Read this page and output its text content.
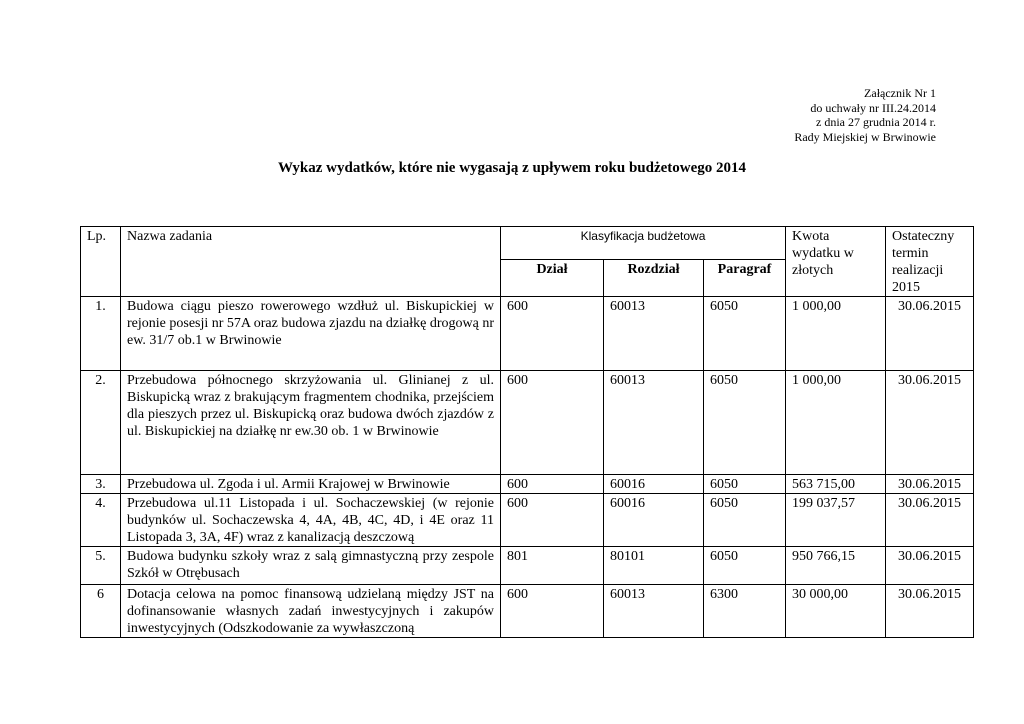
Załącznik Nr 1
do uchwały nr III.24.2014
z dnia 27 grudnia 2014 r.
Rady Miejskiej w Brwinowie
Wykaz wydatków, które nie wygasają z upływem roku budżetowego 2014
Lp.	Nazwa zadania	Klasyfikacja budżetowa			Kwota wydatku w złotych	Ostateczny termin realizacji 2015
		Dział	Rozdział	Paragraf		
1.	Budowa ciągu pieszo rowerowego wzdłuż ul. Biskupickiej w rejonie posesji nr 57A oraz budowa zjazdu na działkę drogową nr ew. 31/7 ob.1 w Brwinowie	600	60013	6050	1 000,00	30.06.2015
2.	Przebudowa północnego skrzyżowania ul. Glinianej z ul. Biskupicką wraz z brakującym fragmentem chodnika, przejściem dla pieszych przez ul. Biskupicką oraz budowa dwóch zjazdów z ul. Biskupickiej na działkę nr ew.30 ob. 1 w Brwinowie	600	60013	6050	1 000,00	30.06.2015
3.	Przebudowa ul. Zgoda i ul. Armii Krajowej w Brwinowie	600	60016	6050	563 715,00	30.06.2015
4.	Przebudowa ul.11 Listopada i ul. Sochaczewskiej (w rejonie budynków ul. Sochaczewska 4, 4A, 4B, 4C, 4D, i 4E oraz 11 Listopada 3, 3A, 4F) wraz z kanalizacją deszczową	600	60016	6050	199 037,57	30.06.2015
5.	Budowa budynku szkoły wraz z salą gimnastyczną przy zespole Szkół w Otrębusach	801	80101	6050	950 766,15	30.06.2015
6	Dotacja celowa na pomoc finansową udzielaną między JST na dofinansowanie własnych zadań inwestycyjnych i zakupów inwestycyjnych (Odszkodowanie za wywłaszczoną	600	60013	6300	30 000,00	30.06.2015
